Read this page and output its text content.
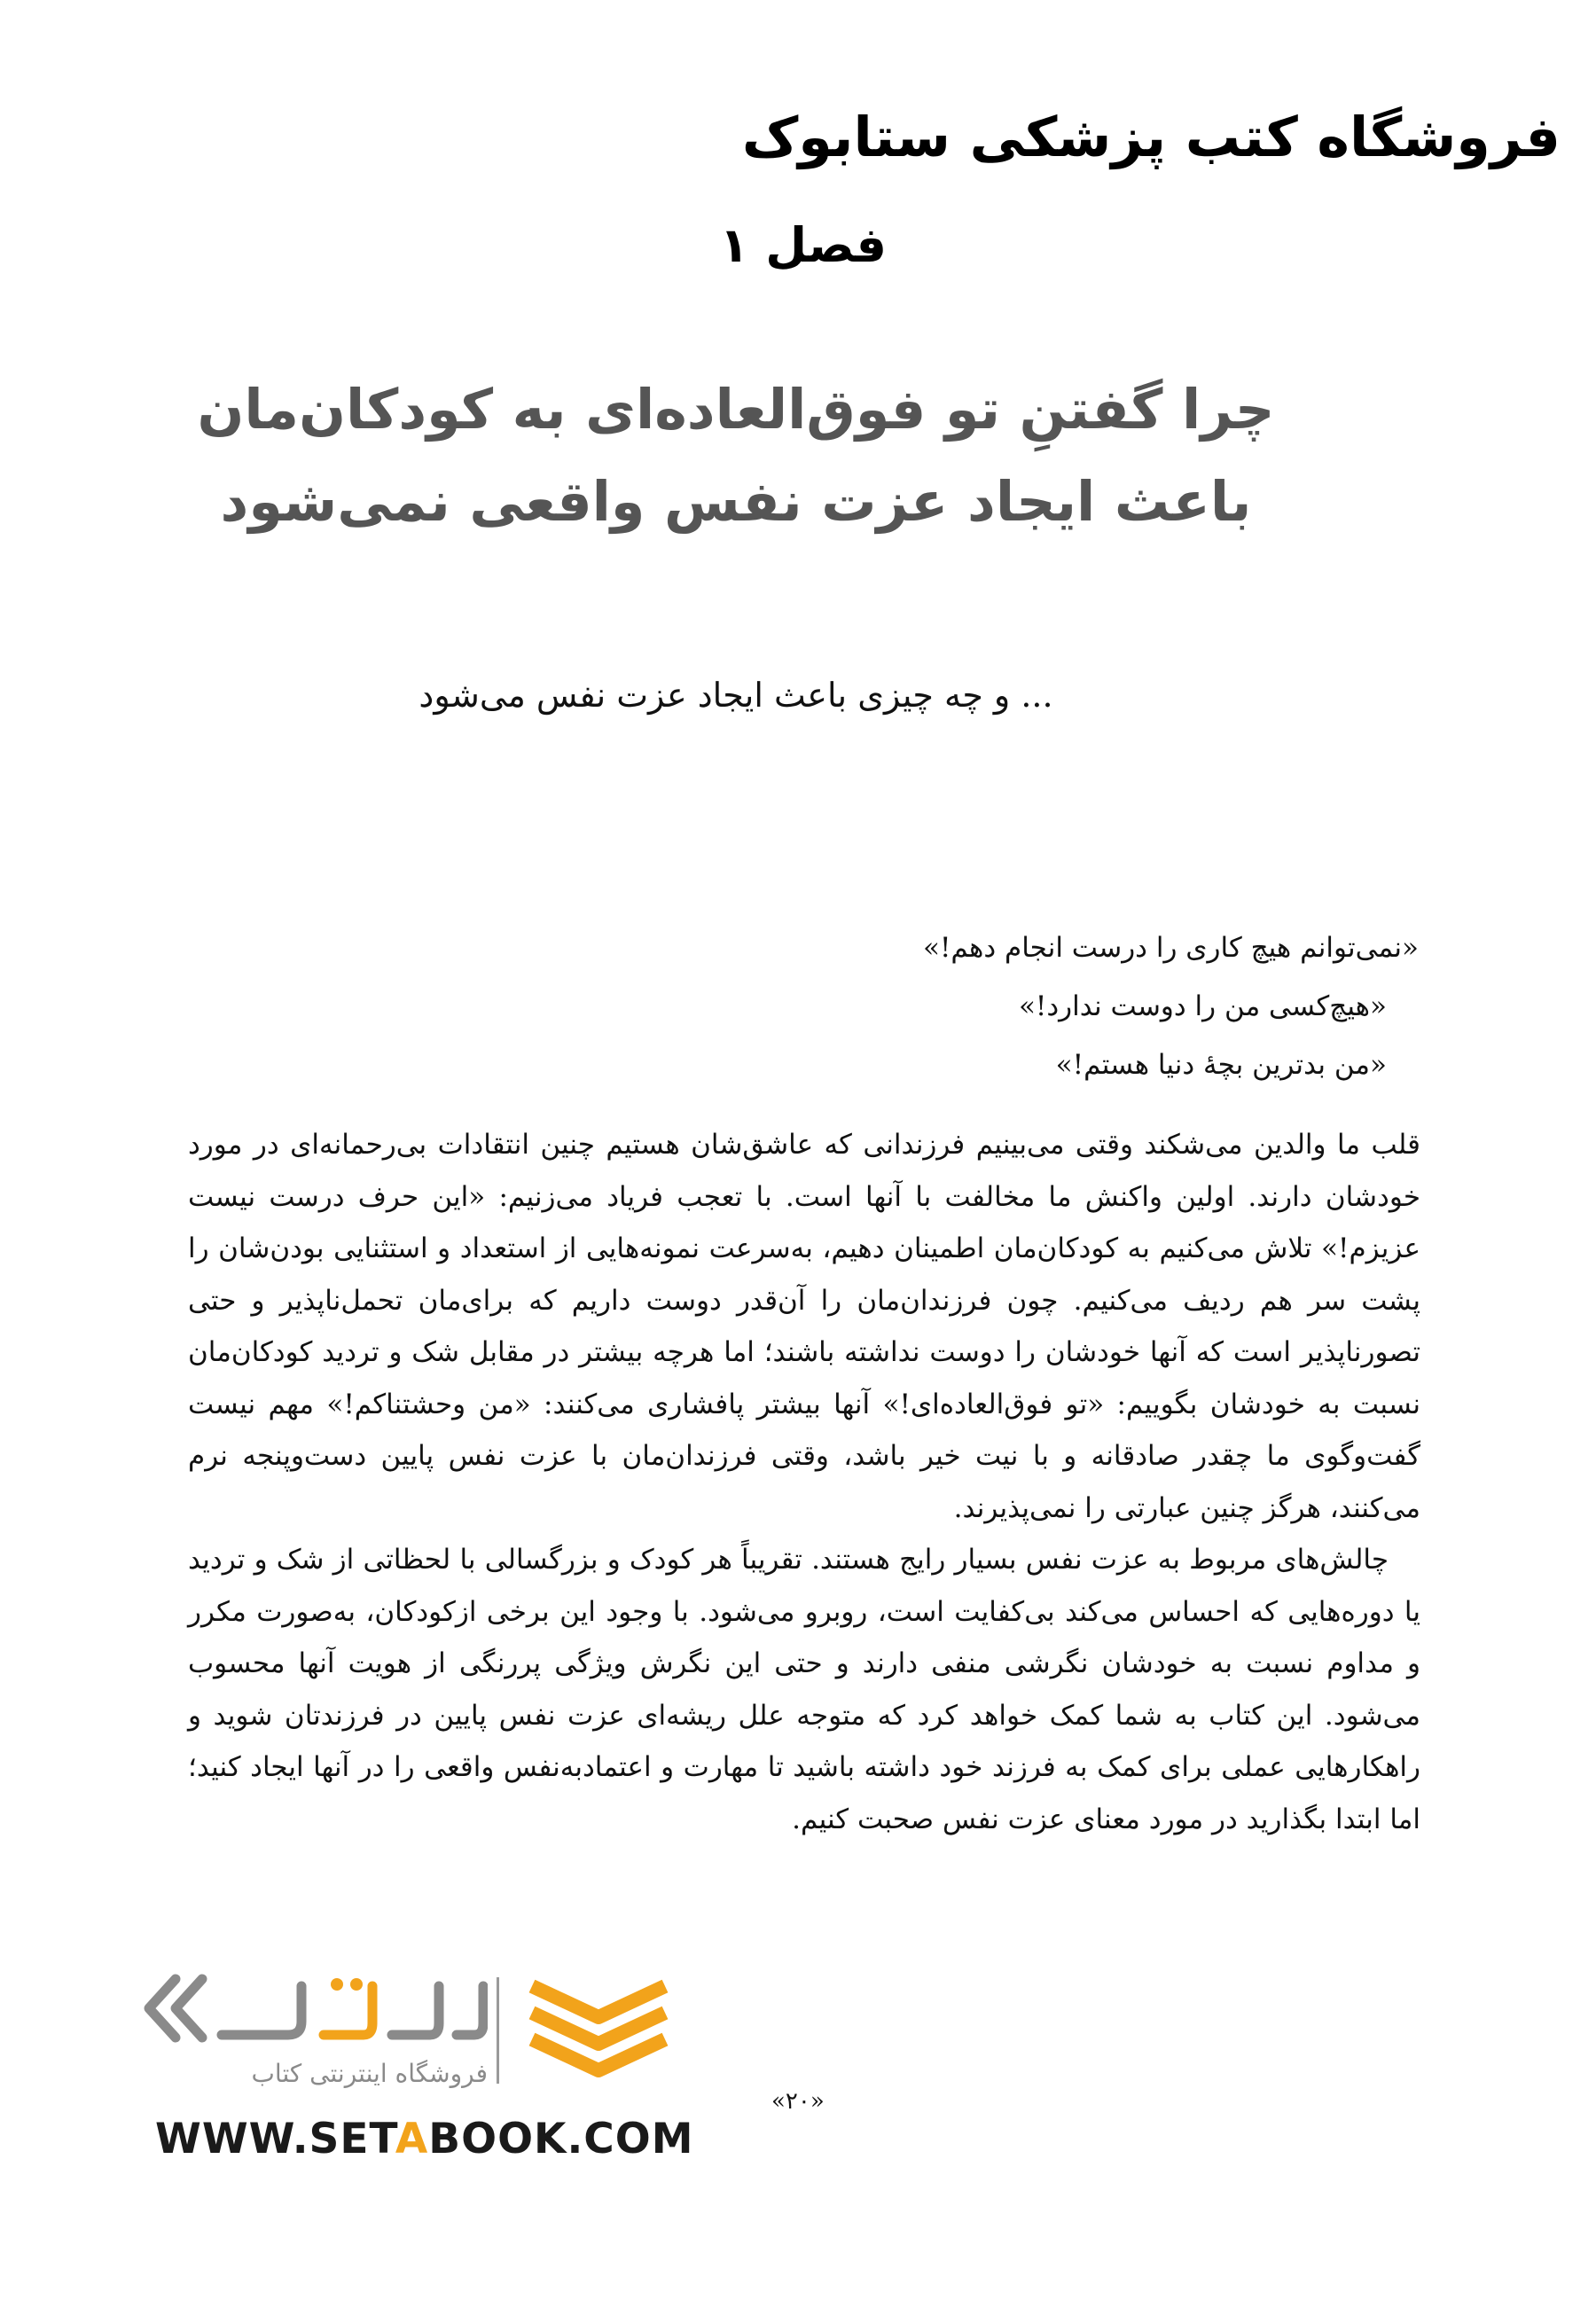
فروشگاه کتب پزشکی ستابوک
فصل ۱
چرا گفتنِ تو فوق‌العاده‌ای به کودکان‌مان
باعث ایجاد عزت نفس واقعی نمی‌شود
... و چه چیزی باعث ایجاد عزت نفس می‌شود
«نمی‌توانم هیچ کاری را درست انجام دهم!»
«هیچ‌کسی من را دوست ندارد!»
«من بدترین بچۀ دنیا هستم!»

قلب ما والدین می‌شکند وقتی می‌بینیم فرزندانی که عاشق‌شان هستیم چنین انتقادات بی‌رحمانه‌ای در مورد خودشان دارند. اولین واکنش ما مخالفت با آنها است. با تعجب فریاد می‌زنیم: «این حرف درست نیست عزیزم!» تلاش می‌کنیم به کودکان‌مان اطمینان دهیم، به‌سرعت نمونه‌هایی از استعداد و استثنایی بودن‌شان را پشت سر هم ردیف می‌کنیم. چون فرزندان‌مان را آن‌قدر دوست داریم که برای‌مان تحمل‌ناپذیر و حتی تصورناپذیر است که آنها خودشان را دوست نداشته باشند؛ اما هرچه بیشتر در مقابل شک و تردید کودکان‌مان نسبت به خودشان بگوییم: «تو فوق‌العاده‌ای!» آنها بیشتر پافشاری می‌کنند: «من وحشتناکم!» مهم نیست گفت‌وگوی ما چقدر صادقانه و با نیت خیر باشد، وقتی فرزندان‌مان با عزت نفس پایین دست‌وپنجه نرم می‌کنند، هرگز چنین عبارتی را نمی‌پذیرند.

چالش‌های مربوط به عزت نفس بسیار رایج هستند. تقریباً هر کودک و بزرگسالی با لحظاتی از شک و تردید یا دوره‌هایی که احساس می‌کند بی‌کفایت است، روبرو می‌شود. با وجود این برخی ازکودکان، به‌صورت مکرر و مداوم نسبت به خودشان نگرشی منفی دارند و حتی این نگرش ویژگی پررنگی از هویت آنها محسوب می‌شود. این کتاب به شما کمک خواهد کرد که متوجه علل ریشه‌ای عزت نفس پایین در فرزندتان شوید و راهکارهایی عملی برای کمک به فرزند خود داشته باشید تا مهارت و اعتمادبه‌نفس واقعی را در آنها ایجاد کنید؛ اما ابتدا بگذارید در مورد معنای عزت نفس صحبت کنیم.

فروشگاه اینترنتی کتاب
WWW.SETABOOK.COM
«۲۰»
